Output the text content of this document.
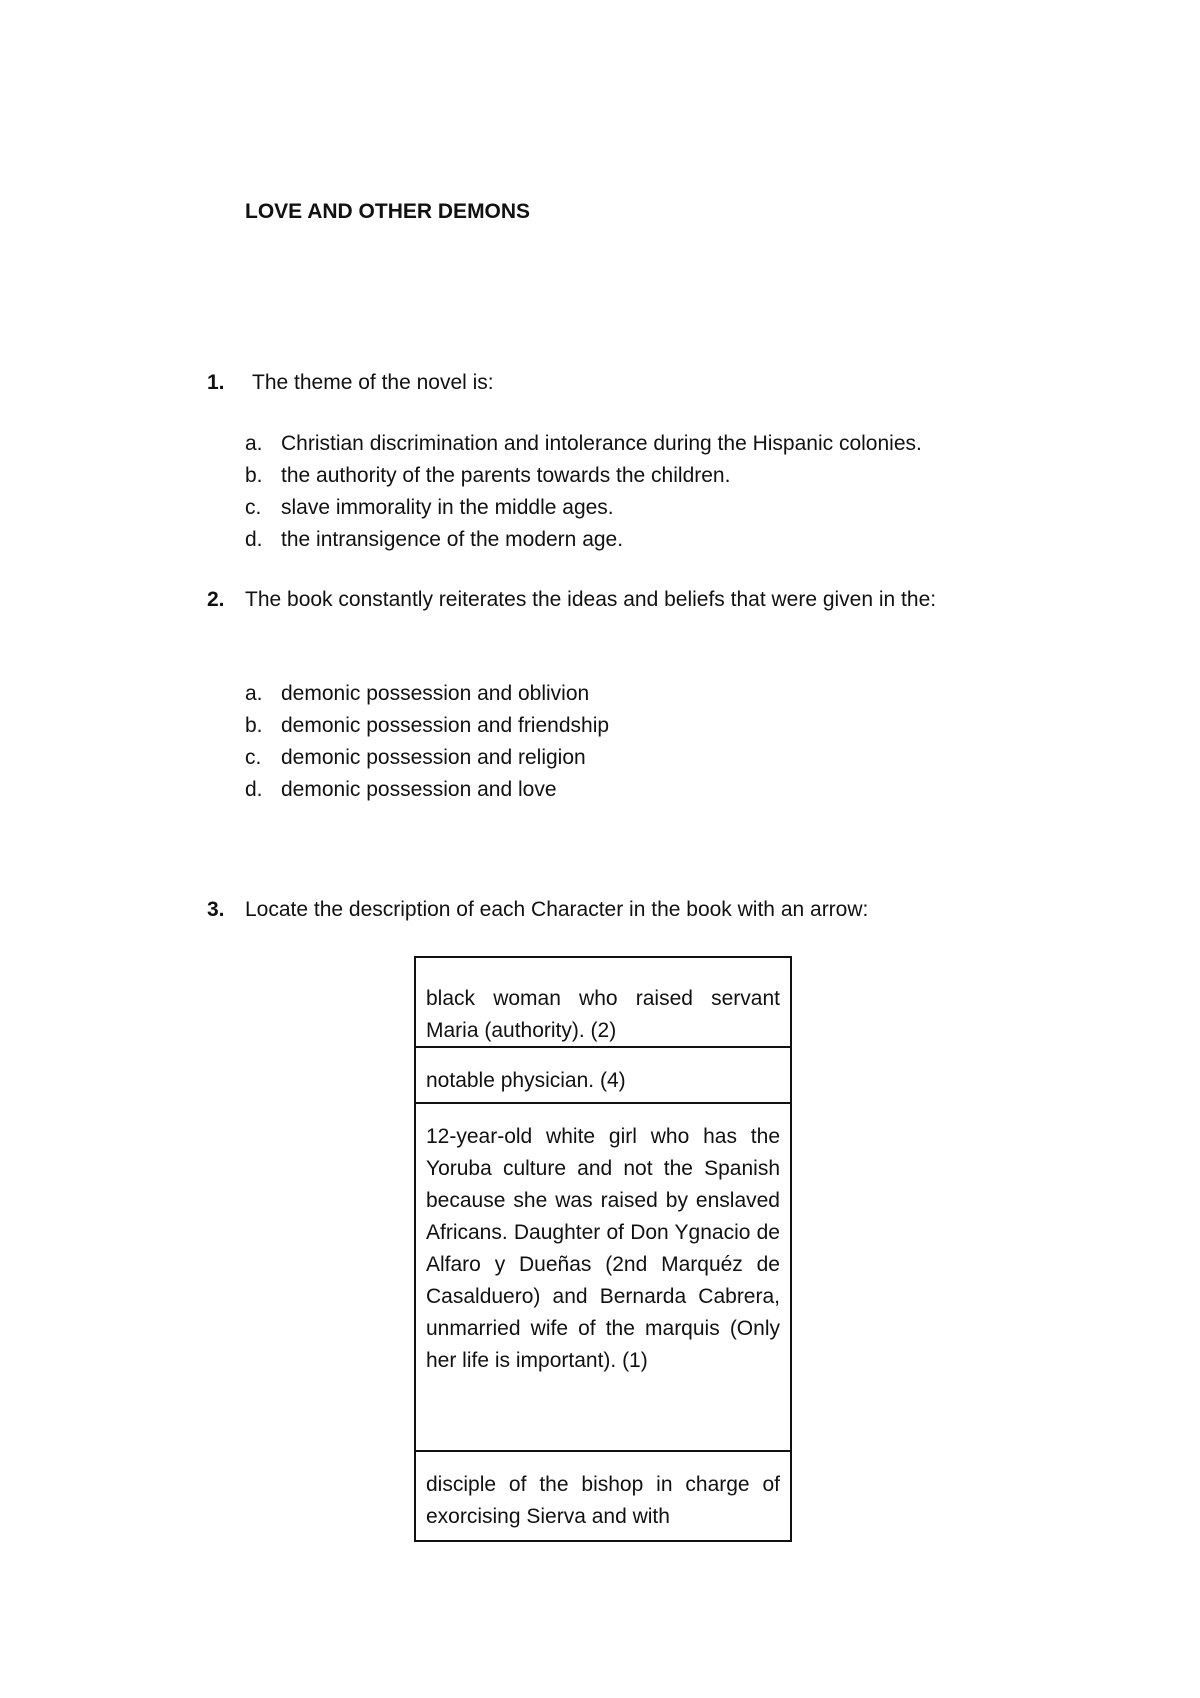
LOVE AND OTHER DEMONS
1. The theme of the novel is:
a. Christian discrimination and intolerance during the Hispanic colonies.
b. the authority of the parents towards the children.
c. slave immorality in the middle ages.
d. the intransigence of the modern age.
2. The book constantly reiterates the ideas and beliefs that were given in the:
a. demonic possession and oblivion
b. demonic possession and friendship
c. demonic possession and religion
d. demonic possession and love
3. Locate the description of each Character in the book with an arrow:
black woman who raised servant Maria (authority). (2)
notable physician. (4)
12-year-old white girl who has the Yoruba culture and not the Spanish because she was raised by enslaved Africans. Daughter of Don Ygnacio de Alfaro y Dueñas (2nd Marquéz de Casalduero) and Bernarda Cabrera, unmarried wife of the marquis (Only her life is important). (1)
disciple of the bishop in charge of exorcising Sierva and with
